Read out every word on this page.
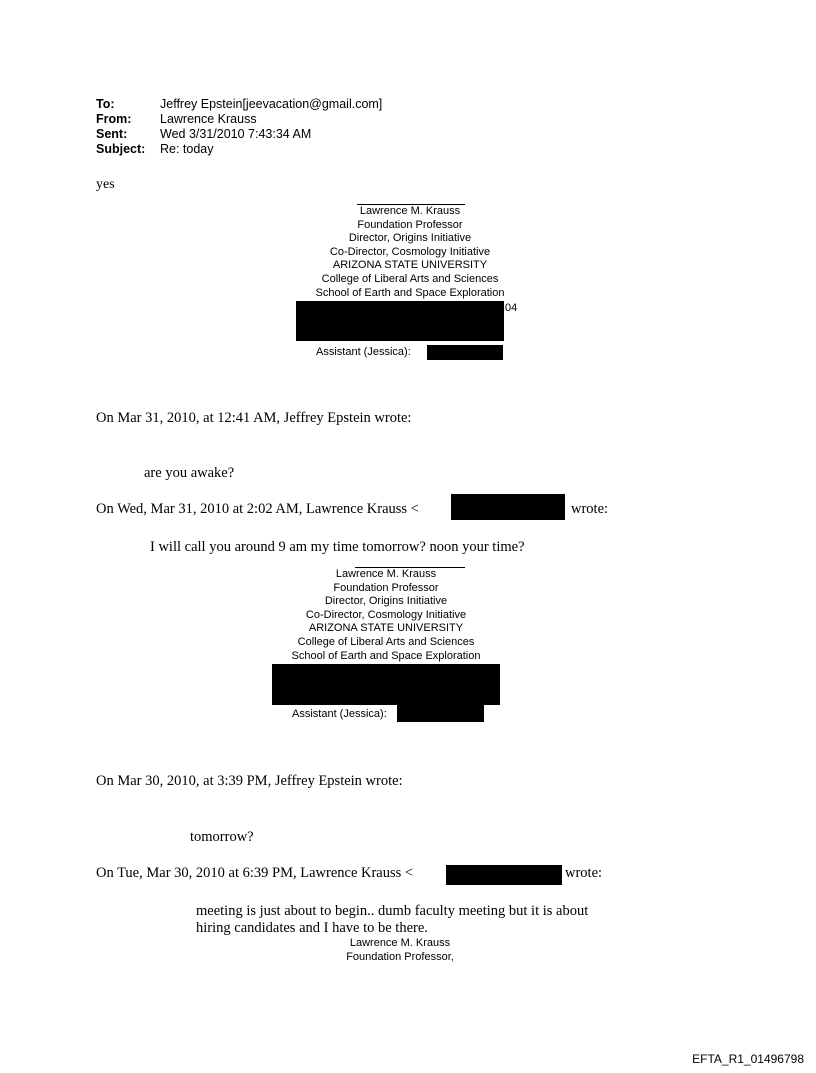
To:	Jeffrey Epstein[jeevacation@gmail.com]
From: Lawrence Krauss
Sent:	Wed 3/31/2010 7:43:34 AM
Subject: Re: today
yes
Lawrence M. Krauss
Foundation Professor
Director, Origins Initiative
Co-Director, Cosmology Initiative
ARIZONA STATE UNIVERSITY
College of Liberal Arts and Sciences
School of Earth and Space Exploration
04
Assistant (Jessica):
On Mar 31, 2010, at 12:41 AM, Jeffrey Epstein wrote:
are you awake?
On Wed, Mar 31, 2010 at 2:02 AM, Lawrence Krauss <	wrote:
I will call you around 9 am my time tomorrow? noon your time?
Lawrence M. Krauss
Foundation Professor
Director, Origins Initiative
Co-Director, Cosmology Initiative
ARIZONA STATE UNIVERSITY
College of Liberal Arts and Sciences
School of Earth and Space Exploration
Assistant (Jessica):
On Mar 30, 2010, at 3:39 PM, Jeffrey Epstein wrote:
tomorrow?
On Tue, Mar 30, 2010 at 6:39 PM, Lawrence Krauss <	wrote:
meeting is just about to begin.. dumb faculty meeting but it is about
hiring candidates and I have to be there.
Lawrence M. Krauss
Foundation Professor,
EFTA_R1_01496798
